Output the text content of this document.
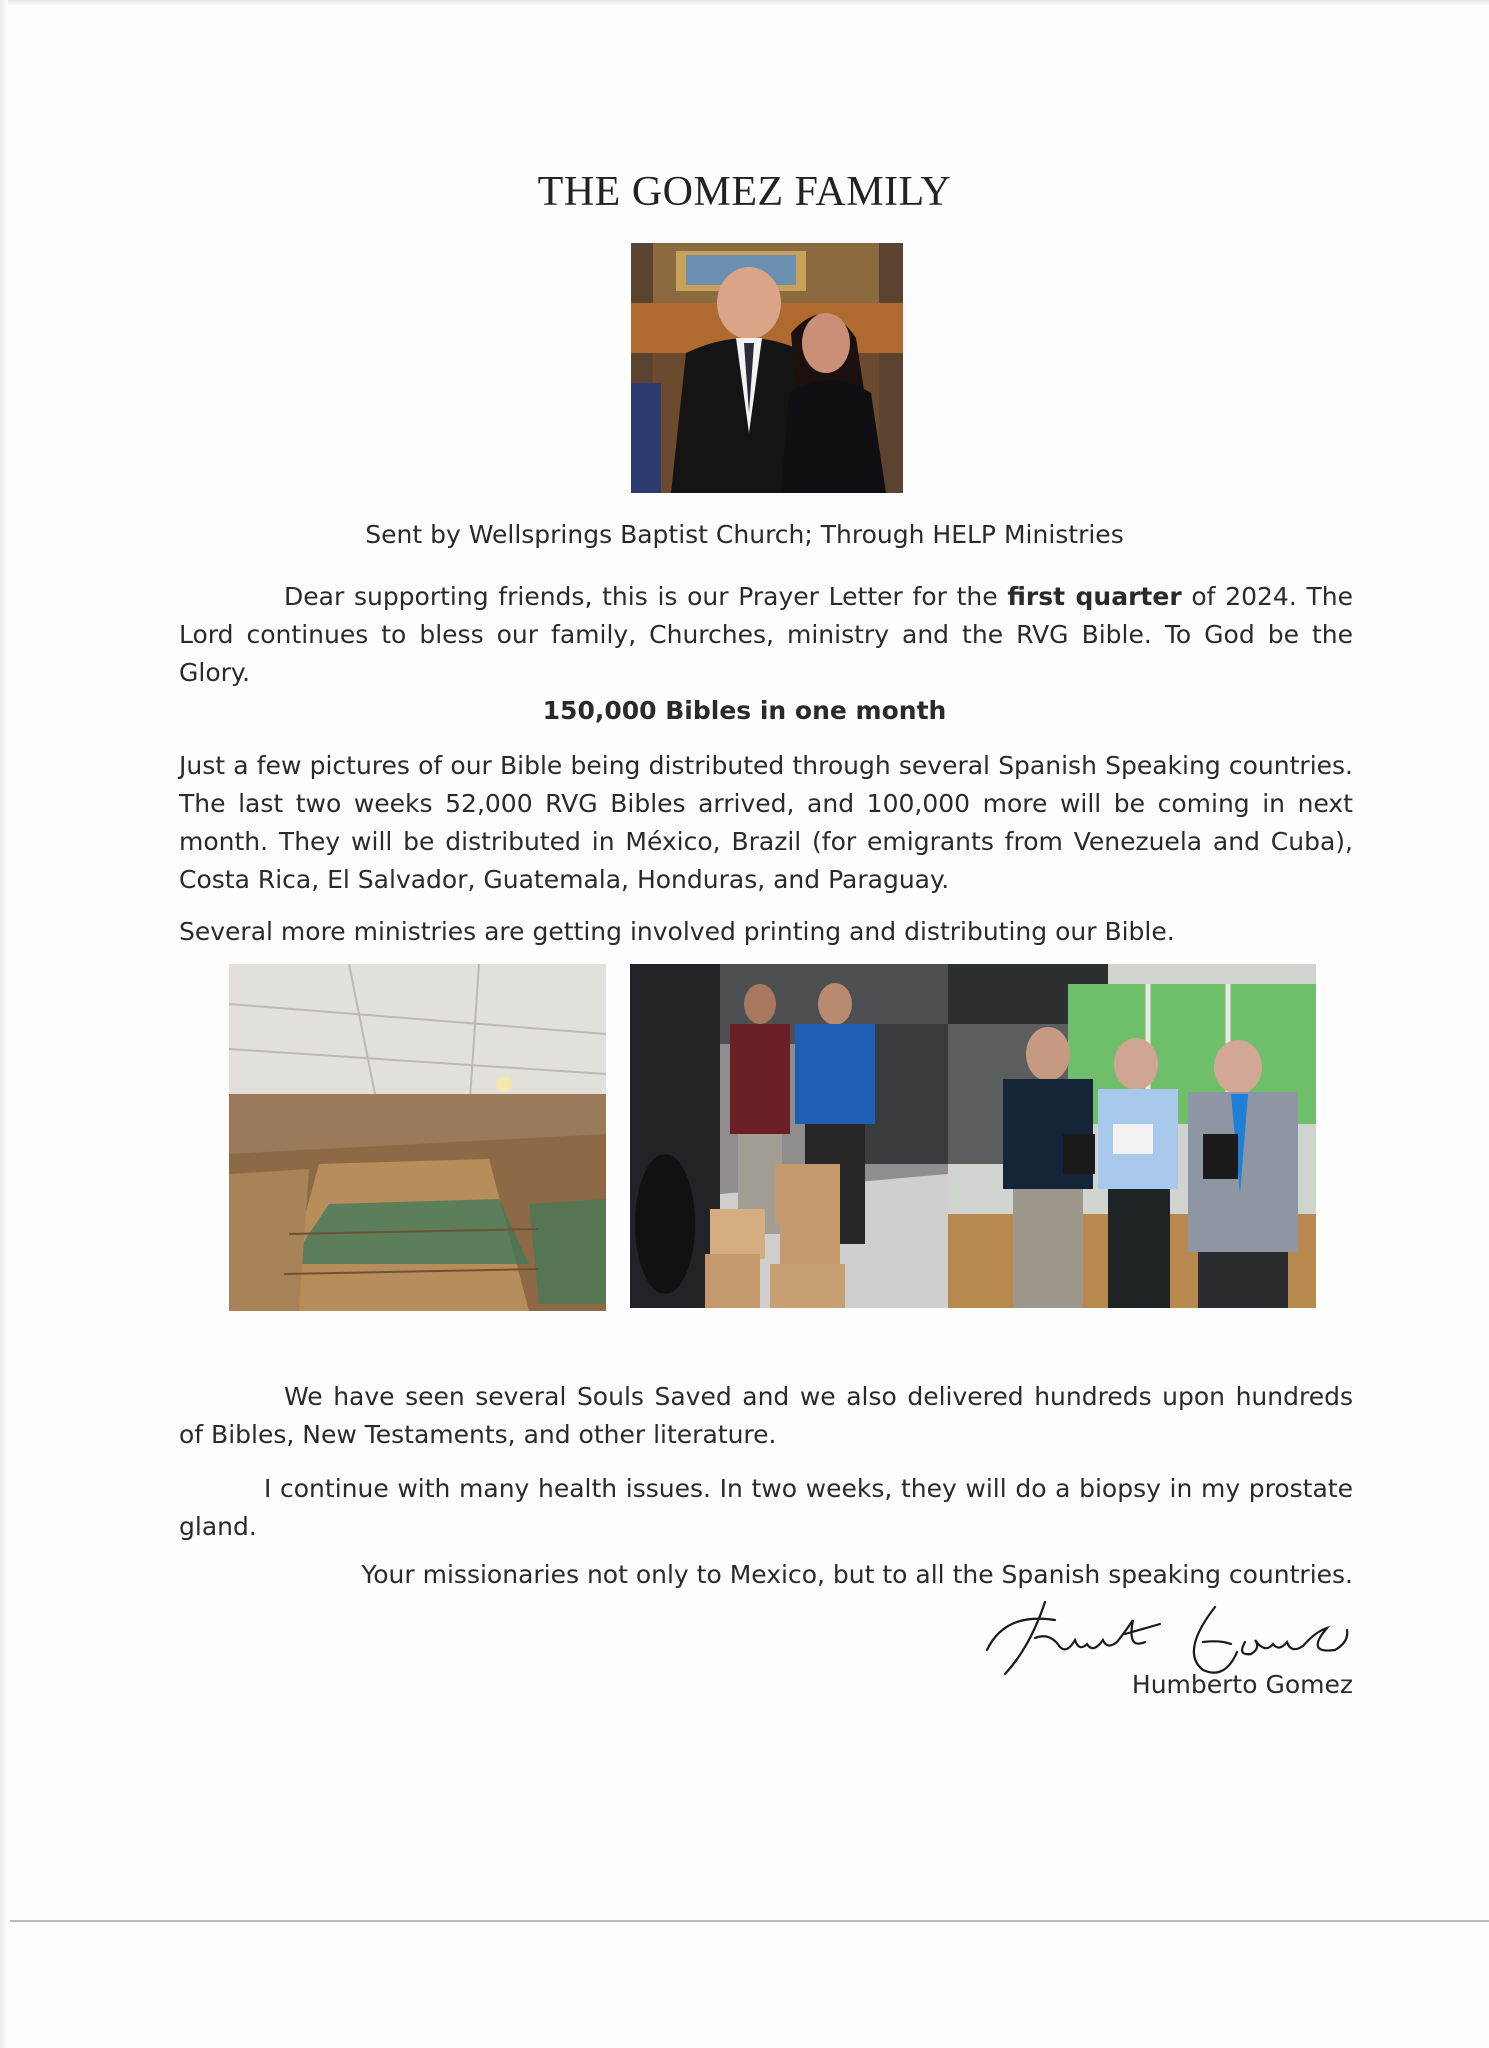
THE GOMEZ FAMILY
Sent by Wellsprings Baptist Church; Through HELP Ministries
Dear supporting friends, this is our Prayer Letter for the first quarter of 2024. The Lord continues to bless our family, Churches, ministry and the RVG Bible. To God be the Glory.
150,000 Bibles in one month
Just a few pictures of our Bible being distributed through several Spanish Speaking countries. The last two weeks 52,000 RVG Bibles arrived, and 100,000 more will be coming in next month. They will be distributed in México, Brazil (for emigrants from Venezuela and Cuba), Costa Rica, El Salvador, Guatemala, Honduras, and Paraguay.
Several more ministries are getting involved printing and distributing our Bible.
We have seen several Souls Saved and we also delivered hundreds upon hundreds of Bibles, New Testaments, and other literature.
I continue with many health issues. In two weeks, they will do a biopsy in my prostate gland.
Your missionaries not only to Mexico, but to all the Spanish speaking countries.
Humberto Gomez
